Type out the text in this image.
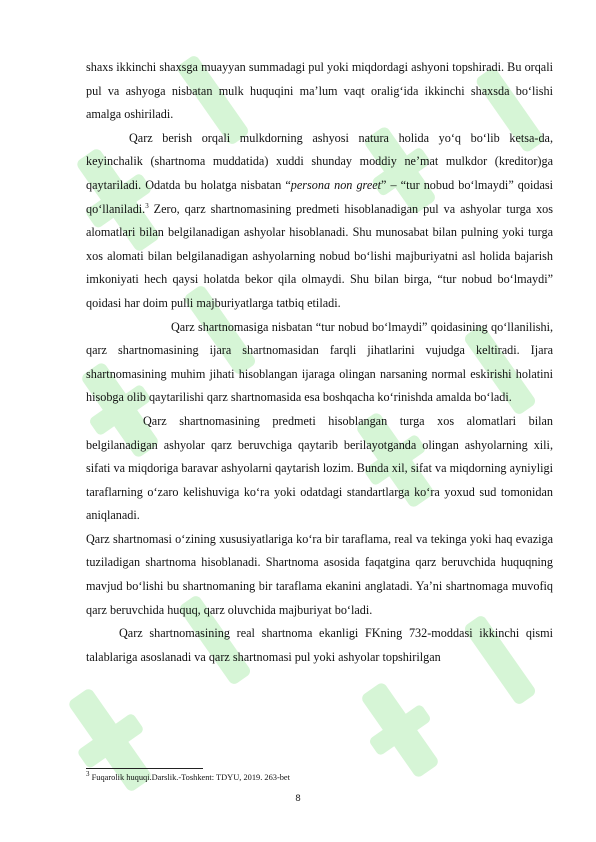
shaxs ikkinchi shaxsga muayyan summadagi pul yoki miqdordagi ashyoni topshiradi. Bu orqali pul va ashyoga nisbatan mulk huquqini ma’lum vaqt oralig‘ida ikkinchi shaxsda bo‘lishi amalga oshiriladi.

Qarz berish orqali mulkdorning ashyosi natura holida yo‘q bo‘lib ketsa-da, keyinchalik (shartnoma muddatida) xuddi shunday moddiy ne’mat mulkdor (kreditor)ga qaytariladi. Odatda bu holatga nisbatan “persona non greet” – “tur nobud bo‘lmaydi” qoidasi qo‘llaniladi.$^3$ Zero, qarz shartnomasining predmeti hisoblanadigan pul va ashyolar turga xos alomatlari bilan belgilanadigan ashyolar hisoblanadi. Shu munosabat bilan pulning yoki turga xos alomati bilan belgilanadigan ashyolarning nobud bo‘lishi majburiyatni asl holida bajarish imkoniyati hech qaysi holatda bekor qila olmaydi. Shu bilan birga, “tur nobud bo‘lmaydi” qoidasi har doim pulli majburiyatlarga tatbiq etiladi.

Qarz shartnomasiga nisbatan “tur nobud bo‘lmaydi” qoidasining qo‘llanilishi, qarz shartnomasining ijara shartnomasidan farqli jihatlarini vujudga keltiradi. Ijara shartnomasining muhim jihati hisoblangan ijaraga olingan narsaning normal eskirishi holatini hisobga olib qaytarilishi qarz shartnomasida esa boshqacha ko‘rinishda amalda bo‘ladi.

Qarz shartnomasining predmeti hisoblangan turga xos alomatlari bilan belgilanadigan ashyolar qarz beruvchiga qaytarib berilayotganda olingan ashyolarning xili, sifati va miqdoriga baravar ashyolarni qaytarish lozim. Bunda xil, sifat va miqdorning ayniyligi taraflarning o‘zaro kelishuviga ko‘ra yoki odatdagi standartlarga ko‘ra yoxud sud tomonidan aniqlanadi.

Qarz shartnomasi o‘zining xususiyatlariga ko‘ra bir taraflama, real va tekinga yoki haq evaziga tuziladigan shartnoma hisoblanadi. Shartnoma asosida faqatgina qarz beruvchida huquqning mavjud bo‘lishi bu shartnomaning bir taraflama ekanini anglatadi. Ya’ni shartnomaga muvofiq qarz beruvchida huquq, qarz oluvchida majburiyat bo‘ladi.

Qarz shartnomasining real shartnoma ekanligi FKning 732-moddasi ikkinchi qismi talablariga asoslanadi va qarz shartnomasi pul yoki ashyolar topshirilgan

$^3$ Fuqarolik huquqi.Darslik.-Toshkent: TDYU, 2019. 263-bet
8
